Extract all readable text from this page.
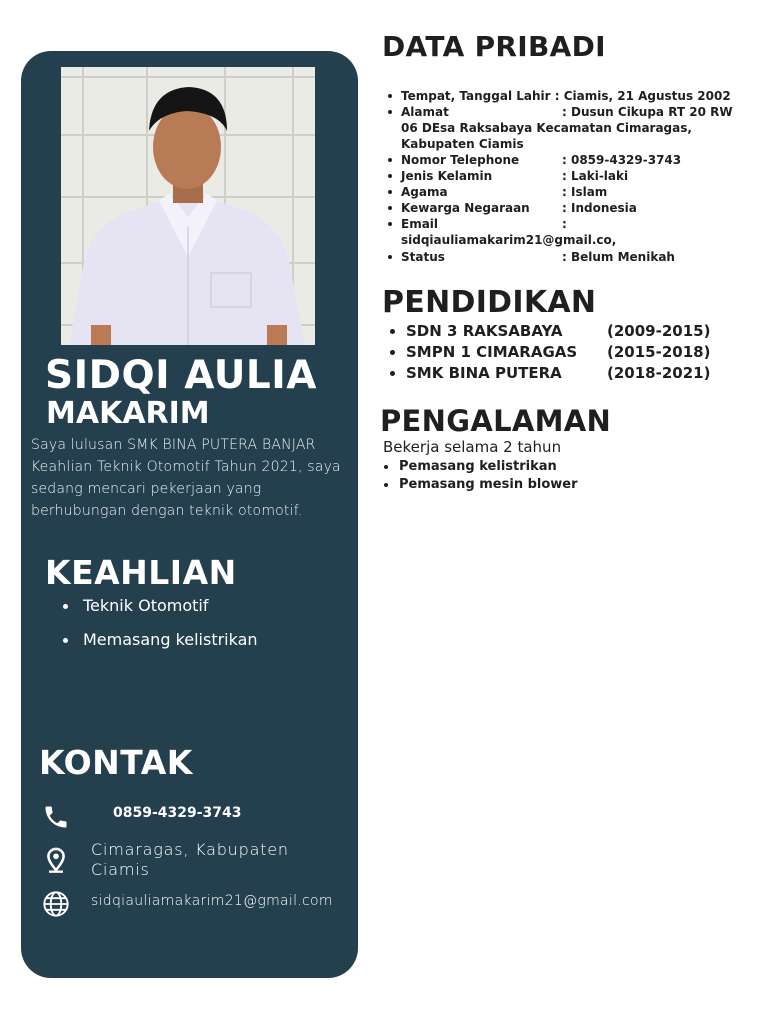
SIDQI AULIA
MAKARIM

Saya lulusan SMK BINA PUTERA BANJAR Keahlian Teknik Otomotif Tahun 2021, saya sedang mencari pekerjaan yang berhubungan dengan teknik otomotif.

KEAHLIAN
Teknik Otomotif
Memasang kelistrikan
KONTAK
0859-4329-3743
Cimaragas, Kabupaten Ciamis
sidqiauliamakarim21@gmail.com
DATA PRIBADI
Tempat, Tanggal Lahir : Ciamis, 21 Agustus 2002
Alamat	: Dusun Cikupa RT 20 RW
06 DEsa Raksabaya Kecamatan Cimaragas, Kabupaten Ciamis
Nomor Telephone	: 0859-4329-3743
Jenis Kelamin	: Laki-laki
Agama	: Islam
Kewarga Negaraan	: Indonesia
Email	:
sidqiauliamakarim21@gmail.co,
Status	: Belum Menikah
PENDIDIKAN
SDN 3 RAKSABAYA	(2009-2015)
SMPN 1 CIMARAGAS (2015-2018)
SMK BINA PUTERA	(2018-2021)
PENGALAMAN
Bekerja selama 2 tahun
Pemasang kelistrikan
Pemasang mesin blower
